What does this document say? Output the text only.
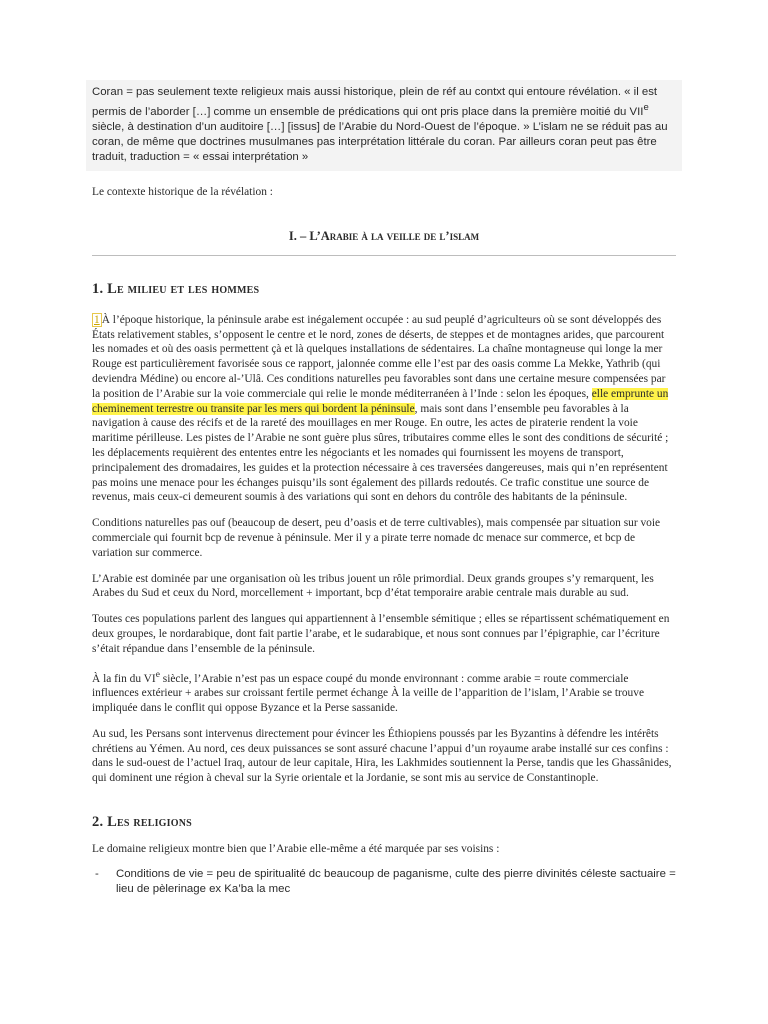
Coran = pas seulement texte religieux mais aussi historique, plein de réf au contxt qui entoure révélation. « il est permis de l’aborder […] comme un ensemble de prédications qui ont pris place dans la première moitié du VIIe siècle, à destination d’un auditoire […] [issus] de l’Arabie du Nord-Ouest de l’époque. » L’islam ne se réduit pas au coran, de même que doctrines musulmanes pas interprétation littérale du coran. Par ailleurs coran peut pas être traduit, traduction = « essai interprétation »

Le contexte historique de la révélation :

I. – L’Arabie à la veille de l’islam
1. Le milieu et les hommes

1 À l’époque historique, la péninsule arabe est inégalement occupée : au sud peuplé d’agriculteurs où se sont développés des États relativement stables, s’opposent le centre et le nord, zones de déserts, de steppes et de montagnes arides, que parcourent les nomades et où des oasis permettent çà et là quelques installations de sédentaires. La chaîne montagneuse qui longe la mer Rouge est particulièrement favorisée sous ce rapport, jalonnée comme elle l’est par des oasis comme La Mekke, Yathrib (qui deviendra Médine) ou encore al-’Ulâ. Ces conditions naturelles peu favorables sont dans une certaine mesure compensées par la position de l’Arabie sur la voie commerciale qui relie le monde méditerranéen à l’Inde : selon les époques, elle emprunte un cheminement terrestre ou transite par les mers qui bordent la péninsule, mais sont dans l’ensemble peu favorables à la navigation à cause des récifs et de la rareté des mouillages en mer Rouge. En outre, les actes de piraterie rendent la voie maritime périlleuse. Les pistes de l’Arabie ne sont guère plus sûres, tributaires comme elles le sont des conditions de sécurité ; les déplacements requièrent des ententes entre les négociants et les nomades qui fournissent les moyens de transport, principalement des dromadaires, les guides et la protection nécessaire à ces traversées dangereuses, mais qui n’en représentent pas moins une menace pour les échanges puisqu’ils sont également des pillards redoutés. Ce trafic constitue une source de revenus, mais ceux-ci demeurent soumis à des variations qui sont en dehors du contrôle des habitants de la péninsule.

Conditions naturelles pas ouf (beaucoup de desert, peu d’oasis et de terre cultivables), mais compensée par situation sur voie commerciale qui fournit bcp de revenue à péninsule. Mer il y a pirate terre nomade dc menace sur commerce, et bcp de variation sur commerce.

L’Arabie est dominée par une organisation où les tribus jouent un rôle primordial. Deux grands groupes s’y remarquent, les Arabes du Sud et ceux du Nord, morcellement + important, bcp d’état temporaire arabie centrale mais durable au sud.

Toutes ces populations parlent des langues qui appartiennent à l’ensemble sémitique ; elles se répartissent schématiquement en deux groupes, le nordarabique, dont fait partie l’arabe, et le sudarabique, et nous sont connues par l’épigraphie, car l’écriture s’était répandue dans l’ensemble de la péninsule.

À la fin du VIe siècle, l’Arabie n’est pas un espace coupé du monde environnant : comme arabie = route commerciale influences extérieur + arabes sur croissant fertile permet échange À la veille de l’apparition de l’islam, l’Arabie se trouve impliquée dans le conflit qui oppose Byzance et la Perse sassanide.

Au sud, les Persans sont intervenus directement pour évincer les Éthiopiens poussés par les Byzantins à défendre les intérêts chrétiens au Yémen. Au nord, ces deux puissances se sont assuré chacune l’appui d’un royaume arabe installé sur ces confins : dans le sud-ouest de l’actuel Iraq, autour de leur capitale, Hira, les Lakhmides soutiennent la Perse, tandis que les Ghassânides, qui dominent une région à cheval sur la Syrie orientale et la Jordanie, se sont mis au service de Constantinople.

2. Les religions

Le domaine religieux montre bien que l’Arabie elle-même a été marquée par ses voisins :

- Conditions de vie = peu de spiritualité dc beaucoup de paganisme, culte des pierre divinités céleste sactuaire = lieu de pèlerinage ex Ka’ba la mec
